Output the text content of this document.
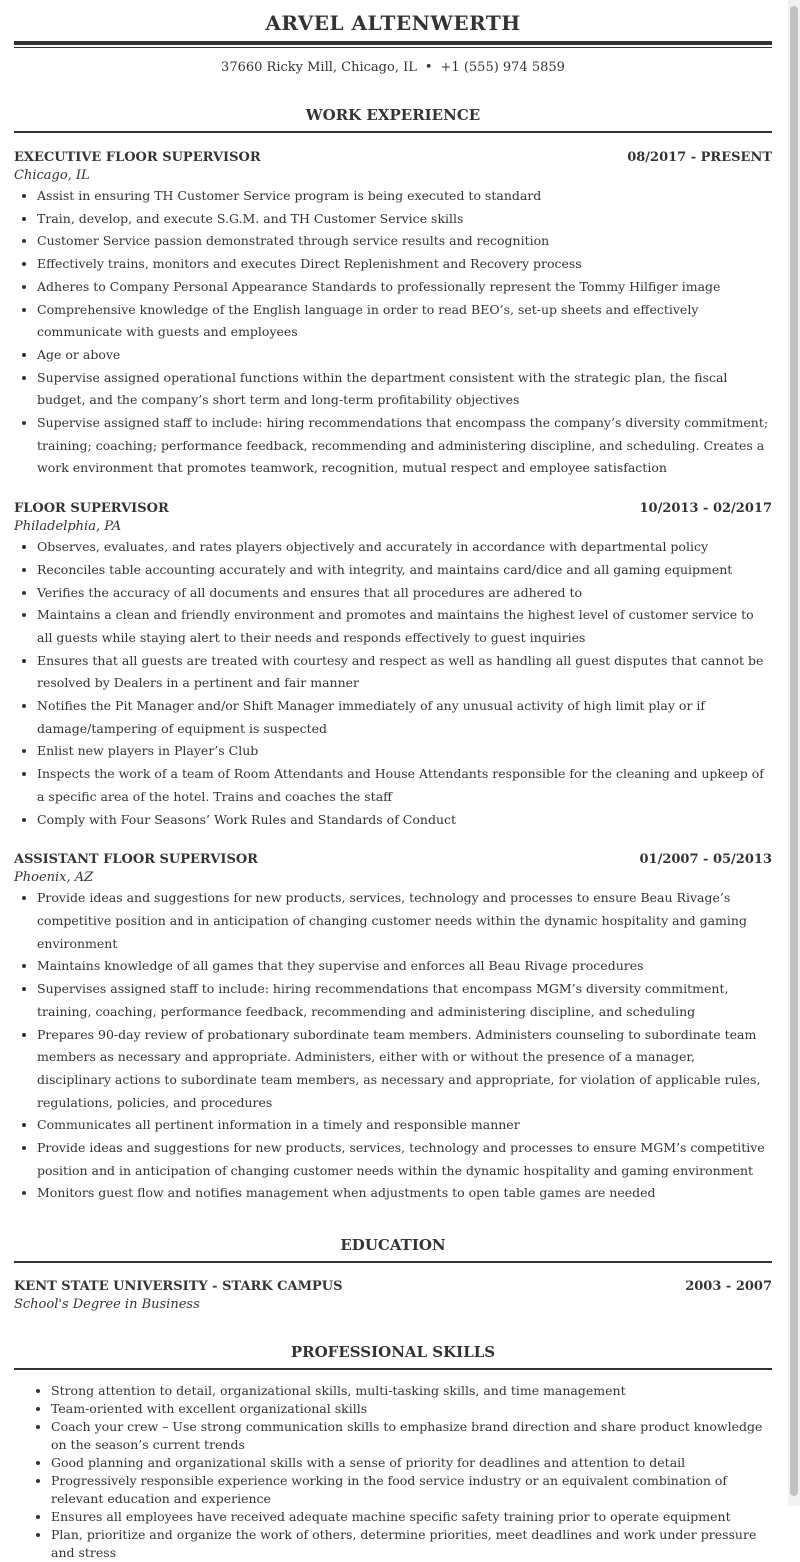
ARVEL ALTENWERTH
37660 Ricky Mill, Chicago, IL • +1 (555) 974 5859
WORK EXPERIENCE
EXECUTIVE FLOOR SUPERVISOR	08/2017 - PRESENT
Chicago, IL
• Assist in ensuring TH Customer Service program is being executed to standard
• Train, develop, and execute S.G.M. and TH Customer Service skills
• Customer Service passion demonstrated through service results and recognition
• Effectively trains, monitors and executes Direct Replenishment and Recovery process
• Adheres to Company Personal Appearance Standards to professionally represent the Tommy Hilfiger image
• Comprehensive knowledge of the English language in order to read BEO’s, set-up sheets and effectively communicate with guests and employees
• Age or above
• Supervise assigned operational functions within the department consistent with the strategic plan, the fiscal budget, and the company’s short term and long-term profitability objectives
• Supervise assigned staff to include: hiring recommendations that encompass the company’s diversity commitment; training; coaching; performance feedback, recommending and administering discipline, and scheduling. Creates a work environment that promotes teamwork, recognition, mutual respect and employee satisfaction
FLOOR SUPERVISOR	10/2013 - 02/2017
Philadelphia, PA
• Observes, evaluates, and rates players objectively and accurately in accordance with departmental policy
• Reconciles table accounting accurately and with integrity, and maintains card/dice and all gaming equipment
• Verifies the accuracy of all documents and ensures that all procedures are adhered to
• Maintains a clean and friendly environment and promotes and maintains the highest level of customer service to all guests while staying alert to their needs and responds effectively to guest inquiries
• Ensures that all guests are treated with courtesy and respect as well as handling all guest disputes that cannot be resolved by Dealers in a pertinent and fair manner
• Notifies the Pit Manager and/or Shift Manager immediately of any unusual activity of high limit play or if damage/tampering of equipment is suspected
• Enlist new players in Player’s Club
• Inspects the work of a team of Room Attendants and House Attendants responsible for the cleaning and upkeep of a specific area of the hotel. Trains and coaches the staff
• Comply with Four Seasons’ Work Rules and Standards of Conduct
ASSISTANT FLOOR SUPERVISOR	01/2007 - 05/2013
Phoenix, AZ
• Provide ideas and suggestions for new products, services, technology and processes to ensure Beau Rivage’s competitive position and in anticipation of changing customer needs within the dynamic hospitality and gaming environment
• Maintains knowledge of all games that they supervise and enforces all Beau Rivage procedures
• Supervises assigned staff to include: hiring recommendations that encompass MGM’s diversity commitment, training, coaching, performance feedback, recommending and administering discipline, and scheduling
• Prepares 90-day review of probationary subordinate team members. Administers counseling to subordinate team members as necessary and appropriate. Administers, either with or without the presence of a manager, disciplinary actions to subordinate team members, as necessary and appropriate, for violation of applicable rules, regulations, policies, and procedures
• Communicates all pertinent information in a timely and responsible manner
• Provide ideas and suggestions for new products, services, technology and processes to ensure MGM’s competitive position and in anticipation of changing customer needs within the dynamic hospitality and gaming environment
• Monitors guest flow and notifies management when adjustments to open table games are needed
EDUCATION
KENT STATE UNIVERSITY - STARK CAMPUS	2003 - 2007
School's Degree in Business
PROFESSIONAL SKILLS
• Strong attention to detail, organizational skills, multi-tasking skills, and time management
• Team-oriented with excellent organizational skills
• Coach your crew – Use strong communication skills to emphasize brand direction and share product knowledge on the season’s current trends
• Good planning and organizational skills with a sense of priority for deadlines and attention to detail
• Progressively responsible experience working in the food service industry or an equivalent combination of relevant education and experience
• Ensures all employees have received adequate machine specific safety training prior to operate equipment
• Plan, prioritize and organize the work of others, determine priorities, meet deadlines and work under pressure and stress
